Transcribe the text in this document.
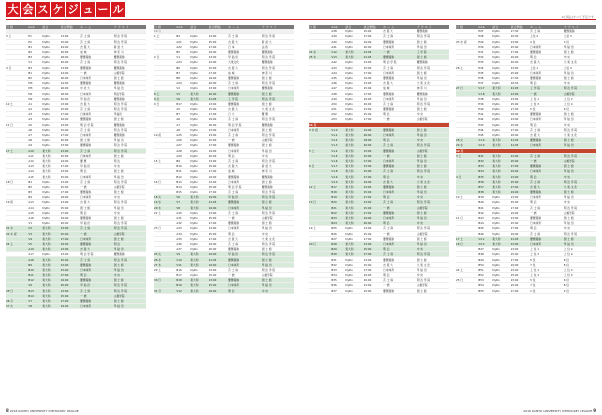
大 会 ス ケ ジ ュ ー ル
※日程はすべて予定です
日 程	Gr.b	試合	試合開始	ホ ー ム	ア ウ エ イ

3 土	E1	DyDo	13:00	芸 士 遠	明 治 学 院
	E2	DyDo	15:00	芸 士 遠	明 治 学 院
	B1	DyDo	14:00	吉 亜 大	新 潟 大
	B2	DyDo	16:00	成 城	神 奈 川
	B3	DyDo	18:00	慶應義塾	慶應義塾
	V1	DyDo	20:00	芸 士 遠	明 治 学 院
4 日	B3	DyDo	13:00	慶應義塾	慶應義塾
	B1	DyDo	14:00	一 橋	山梨学院
	B2	DyDo	16:00	日本体育	国 士 館
	M3	DyDo	14:00	慶應義塾	慶應義塾
	M3	DyDo	16:00	中 央 大	早 稲 田
	M1	DyDo	18:00	日本体育	明治学院
	M2	DyDo	20:00	早 稲 田	慶應義塾
10 土	A1	DyDo	13:00	吉 亜 大	明 治 学 院
	A2	DyDo	15:00	芸 士 遠	明 治 学 院
	A3	DyDo	17:00	日体体育	早稲田
	A4	DyDo	19:00	慶應義塾	国 士 館
11 日	A5	DyDo	13:00	明 治 学 院	慶應義塾
	A6	DyDo	15:00	芸 士 遠	明 治 学 院
	A7	DyDo	17:00	日本体育	慶應義塾
	A8	DyDo	20:00	国 士 館	早 稲 田
	A9	DyDo	13:00	慶應義塾	明 治 学 院
17 土	A10	東大和	13:00	芸 士 遠	明 治 学 院
	A11	東大和	15:00	日体体育	国 士 館
	A12	東大和	14:00	慶 應	明 治
	A13	東大和	17:00	早 稲 田	中 央
	A14	東大和	13:00	明 治	国 士 館
	A15	東大和	15:00	日本体育	早 稲 田
18 日	B1	DyDo	13:00	芸 士 遠	明 治 学 院
	B2	DyDo	15:00	一 橋	山梨学院
	B3	DyDo	17:00	慶應義塾	国 士 館
	B4	DyDo	19:00	日本体育	中 央
19 祝	A13	DyDo	13:00	吉 亜 大	明 治 学 院
	A14	DyDo	15:00	国 士 館	早 稲 田
	A15	DyDo	17:00	明 治	中 央
	A16	DyDo	19:00	慶應義塾	国 士 館
	V1	DyDo	20:00	早 稲 田	明 治 学 院
21 木	V2	東大和	13:00	芸 士 遠	明 治 学 院
22 木 祝	V3	東大和	15:00	一 橋	山梨学院
	V4	東大和	17:00	日本体育	国 士 館
24 土	V5	東大和	19:00	慶應義塾	明 治
	A19	東大和	13:00	吉 亜 大	早 稲 田
	A17	DyDo	13:00	明 治 学 院	慶應義塾
	A18	東大和	15:00	芸 士 遠	明 治 学 院
	B9	東大和	13:00	慶應義塾	国 士 館
	B10	東大和	15:00	日本体育	早 稲 田
	B11	東大和	17:00	明 治	中 央
	B12	東大和	19:00	慶應義塾	国 士 館
	V6	東大和	20:00	早 稲 田	明 治 学 院
25 日	B13	東大和	13:00	芸 士 遠	明 治 学 院
	B14	東大和	15:00	一 橋	山梨学院
26 月	V7	東大和	17:00	慶應義塾	国 士 館
27 火	V8	東大和	19:00	日本体育	早 稲 田
日 程	Gr.b	試合	試合開始	ホ ー ム	ア ウ エ イ
10 月					
1 土	B4	DyDo	13:00	芸 士 遠	明 治 学 院
	A21	DyDo	15:00	吉 亜 大	新 潟 大
	A22	DyDo	17:00	日 本	法 政
	B5	DyDo	19:00	慶應義塾	慶應義塾
2 日	V1	DyDo	13:00	早 稲 田	明 治 学 院
	A23	DyDo	13:00	大東文化	慶應義塾
	B6	DyDo	15:00	吉 亜 大	明 治 学 院
	B7	DyDo	17:00	成 城	神 奈 川
	B8	DyDo	19:00	慶應義塾	国 士 館
	A24	DyDo	20:00	芸 士 遠	明 治 学 院
	V2	DyDo	13:00	日本体育	慶應義塾
8 土	V3	東大和	20:00	慶應義塾	国 士 館
9 火	V6	東大和	21:45	工 学 院	明 治 学 院
9 日	B17	DyDo	13:00	慶應義塾	国 士 館
	A5	DyDo	15:00	吉 亜 大	大 東 文 化
	B7	DyDo	17:00	日 大	慶 應
	A6	DyDo	19:00	芸 士 遠	明 治 学 院
	A7	DyDo	20:00	明 治 学 院	慶應義塾
	A8	DyDo	13:00	日本体育	国 士 館
10 祝	A25	DyDo	13:00	芸 士 遠	明 治 学 院
	A26	DyDo	15:00	一 橋	山梨学院
	A27	DyDo	17:00	慶應義塾	国 士 館
	A28	DyDo	19:00	日本体育	早 稲 田
	A29	DyDo	20:00	明 治	中 央
15 土	B9	DyDo	13:00	芸 士 遠	明 治 学 院
	B10	DyDo	15:00	吉 亜 大	新 潟 大
	B11	DyDo	17:00	成 城	神 奈 川
	B12	DyDo	19:00	慶應義塾	慶應義塾
16 日	B13	DyDo	13:00	日本体育	国 士 館
	B14	DyDo	15:00	明 治 学 院	慶應義塾
	B15	DyDo	17:00	芸 士 遠	明 治 学 院
18 火	V6	東大和	19:00	早 稲 田	明 治 学 院
19 水	V7	東大和	21:45	慶應義塾	国 士 館
20 木	V8	東大和	19:00	日本体育	早 稲 田
22 土	A30	DyDo	13:00	芸 士 遠	明 治 学 院
	A31	DyDo	15:00	一 橋	山梨学院
	A32	DyDo	17:00	慶應義塾	国 士 館
23 日	A33	DyDo	13:00	日本体育	早 稲 田
	A34	DyDo	15:00	明 治	中 央
	A35	DyDo	17:00	吉 亜 大	大 東 文 化
	A36	DyDo	19:00	芸 士 遠	明 治 学 院
	A37	DyDo	20:00	慶應義塾	国 士 館
25 火	V9	東大和	19:00	早 稲 田	明 治 学 院
26 水	V10	東大和	21:45	慶應義塾	国 士 館
27 木	V11	東大和	19:00	日本体育	早 稲 田
29 土	B16	DyDo	13:00	芸 士 遠	明 治 学 院
	B17	DyDo	15:00	一 橋	山梨学院
30 日	B18	東大和	13:00	慶應義塾	国 士 館
	B19	東大和	15:00	日本体育	早 稲 田
31 月	V12	東大和	19:00	明 治	中 央
日 程	Gr.b	試合	試合開始	ホ ー ム	ア ウ エ イ
	A38	DyDo	15:00	吉 亜 大	慶應義塾
	A39	DyDo	17:00	芸 士 遠	明 治 学 院
	A40	DyDo	19:00	慶應義塾	国 士 館
	A41	DyDo	20:00	日本体育	早 稲 田
24 水	V12	東大和	21:45	一 橋	工 学 院
25 木	V13	東大和	21:45	慶應義塾	国 士 館
	A42	DyDo	13:00	明 治 学 院	慶應義塾
	A43	DyDo	15:00	芸 士 遠	明 治 学 院
	A44	DyDo	17:00	日本体育	国 士 館
	A45	DyDo	19:00	慶應義塾	早 稲 田
	A46	DyDo	13:00	吉 亜 大	大 東 文 化
	A47	DyDo	15:00	成 城	神 奈 川
	A48	DyDo	17:00	慶應義塾	慶應義塾
	A49	DyDo	19:00	日本体育	早 稲 田
	A50	DyDo	20:00	芸 士 遠	明 治 学 院
	A51	DyDo	13:00	慶應義塾	国 士 館
	A52	DyDo	15:00	明 治	中 央
	A53	DyDo	17:00	一 橋	山梨学院
11 月					
3 木 祝	V1.0	東大和	14:00	慶應義塾	国 士 館
	V1.1	東大和	16:00	日本体育	早 稲 田
	V1.2	東大和	18:00	明 治	中 央
	V1.3	東大和	20:00	芸 士 遠	明 治 学 院
5 土	V1.4	東大和	13:00	慶應義塾	山梨学院
	V1.5	東大和	15:00	一 橋	国 士 館
	V1.6	東大和	17:00	日本体育	早 稲 田
6 日	V1.7	東大和	13:00	慶應義塾	国 士 館
	V1.8	東大和	15:00	芸 士 遠	明 治 学 院
	V1.9	東大和	17:00	明 治	中 央
	V2.0	東大和	19:00	吉 亜 大	大 東 文 化
12 土	B17	東大和	13:00	慶應義塾	国 士 館
	B18	東大和	15:00	日本体育	早 稲 田
	B19	東大和	17:00	明 治	中 央
13 日	B20	東大和	13:00	芸 士 遠	明 治 学 院
	B21	東大和	15:00	一 橋	山梨学院
	B22	東大和	17:00	慶應義塾	国 士 館
	B23	東大和	19:00	日本体育	早 稲 田
	B24	東大和	20:00	明 治	中 央
19 土	B25	DyDo	13:00	芸 士 遠	明 治 学 院
	B26	DyDo	15:00	一 橋	山梨学院
	B27	DyDo	17:00	慶應義塾	国 士 館
20 日	B28	東大和	13:00	日本体育	早 稲 田
	B29	東大和	15:00	明 治	中 央
	B30	東大和	17:00	芸 士 遠	明 治 学 院
	B31	DyDo	13:00	慶應義塾	国 士 館
	B32	DyDo	15:00	吉 亜 大	大 東 文 化
	B33	DyDo	17:00	日本体育	早 稲 田
	B34	DyDo	19:00	明 治	中 央
	B35	DyDo	20:00	芸 士 遠	明 治 学 院
	B36	DyDo	13:00	一 橋	山梨学院
	B37	DyDo	15:00	慶應義塾	国 士 館
日 程	Gr.b	試合	試合開始	ホ ー ム	ア ウ エ イ
	E27	DyDo	17:30	芸 士 遠	慶應義塾
	E28	DyDo	19:30	上位 2	上位 3
23 水 祝	E29	DyDo	13:00	2 位	3 位
	E30	DyDo	15:00	日本体育	早 稲 田
	E31	DyDo	17:00	慶應義塾	国 士 館
	E32	DyDo	19:00	明 治	中 央
	E33	DyDo	20:00	吉 亜 大	大 東 文 化
26 土	E34	DyDo	13:00	上位 1	上位 4
	E35	DyDo	15:00	日本体育	早 稲 田
	E36	DyDo	17:30	慶應義塾	国 士 館
	E37	DyDo	19:30	明 治	中 央
27 日	V1.7	東大和	21:45	工 学 院	明 治 学 院
	V1.8	東大和	13:00	一 橋	山梨学院
	E38	DyDo	13:00	上 位 1	上 位 2
	E39	DyDo	15:00	上 位 3	上 位 4
	E40	DyDo	17:00	5 位	6 位
	E41	DyDo	19:00	慶應義塾	国 士 館
	E42	DyDo	13:00	日本体育	早 稲 田
	E43	DyDo	15:00	明 治	中 央
	E44	DyDo	17:00	芸 士 遠	明 治 学 院
	E45	DyDo	19:00	吉 亜 大	大 東 文 化
28 火	V1.9	東大和	21:45	慶應義塾	国 士 館
29 水	V2.0	東大和	21:45	日本体育	早 稲 田
12 月					
3 土	B31	東大和	13:00	芸 士 遠	明 治 学 院
	B32	東大和	15:00	一 橋	山梨学院
	B33	東大和	17:00	慶應義塾	国 士 館
	B34	東大和	19:00	日本体育	早 稲 田
4 日	B35	東大和	13:00	明 治	中 央
	B36	東大和	15:00	芸 士 遠	明 治 学 院
	B37	東大和	17:00	吉 亜 大	大 東 文 化
	B38	東大和	19:00	慶應義塾	国 士 館
10 土	B39	DyDo	13:00	日本体育	早 稲 田
	B40	DyDo	15:00	明 治	中 央
	B41	DyDo	17:00	芸 士 遠	明 治 学 院
	B42	DyDo	19:00	一 橋	山梨学院
11 日	B43	DyDo	13:00	慶應義塾	国 士 館
	B44	DyDo	15:00	日本体育	早 稲 田
	B45	DyDo	17:00	明 治	中 央
	B46	DyDo	19:00	芸 士 遠	明 治 学 院
17 土	V2.1	東大和	21:45	慶應義塾	国 士 館
18 日	V2.2	東大和	13:00	日本体育	早 稲 田
	B47	DyDo	13:00	上 位 1	上 位 2
	B48	DyDo	15:00	上 位 3	上 位 4
	B49	DyDo	17:00	5 位	6 位
	B50	DyDo	19:00	7 位	8 位
24 土	B51	DyDo	13:00	上 位 1	上 位 2
	B52	DyDo	15:00	上 位 3	上 位 4
25 日	B53	DyDo	13:00	5 位	6 位
	B54	DyDo	15:00	7 位	8 位
	B55	DyDo	17:00	1 位	2 位
8 2016 KANTO UNIVERSITY ICEHOCKEY LEAGUE	2016 KANTO UNIVERSITY ICEHOCKEY LEAGUE 9
